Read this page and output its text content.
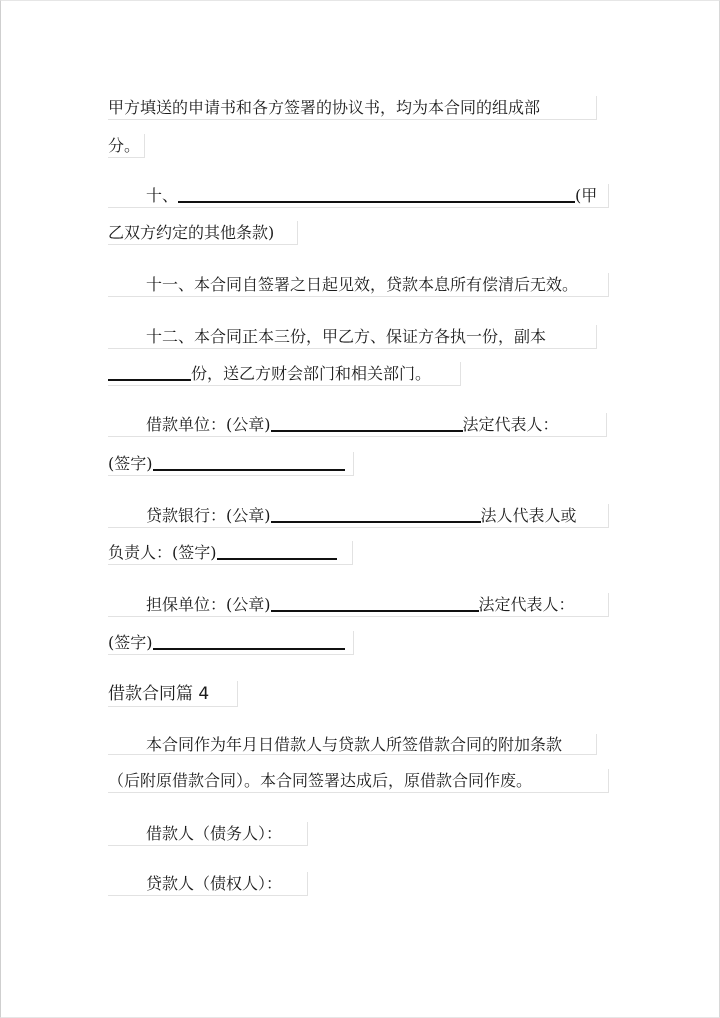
甲方填送的申请书和各方签署的协议书，均为本合同的组成部
分。
十、	(甲
乙双方约定的其他条款)
十一、本合同自签署之日起见效，贷款本息所有偿清后无效。
十二、本合同正本三份，甲乙方、保证方各执一份，副本
份，送乙方财会部门和相关部门。
借款单位：(公章)	法定代表人：
(签字)
贷款银行：(公章)	法人代表人或
负责人：(签字)
担保单位：(公章)	法定代表人：
(签字)
借款合同篇 4
本合同作为年月日借款人与贷款人所签借款合同的附加条款
（后附原借款合同）。本合同签署达成后，原借款合同作废。
借款人（债务人）：
贷款人（债权人）：
